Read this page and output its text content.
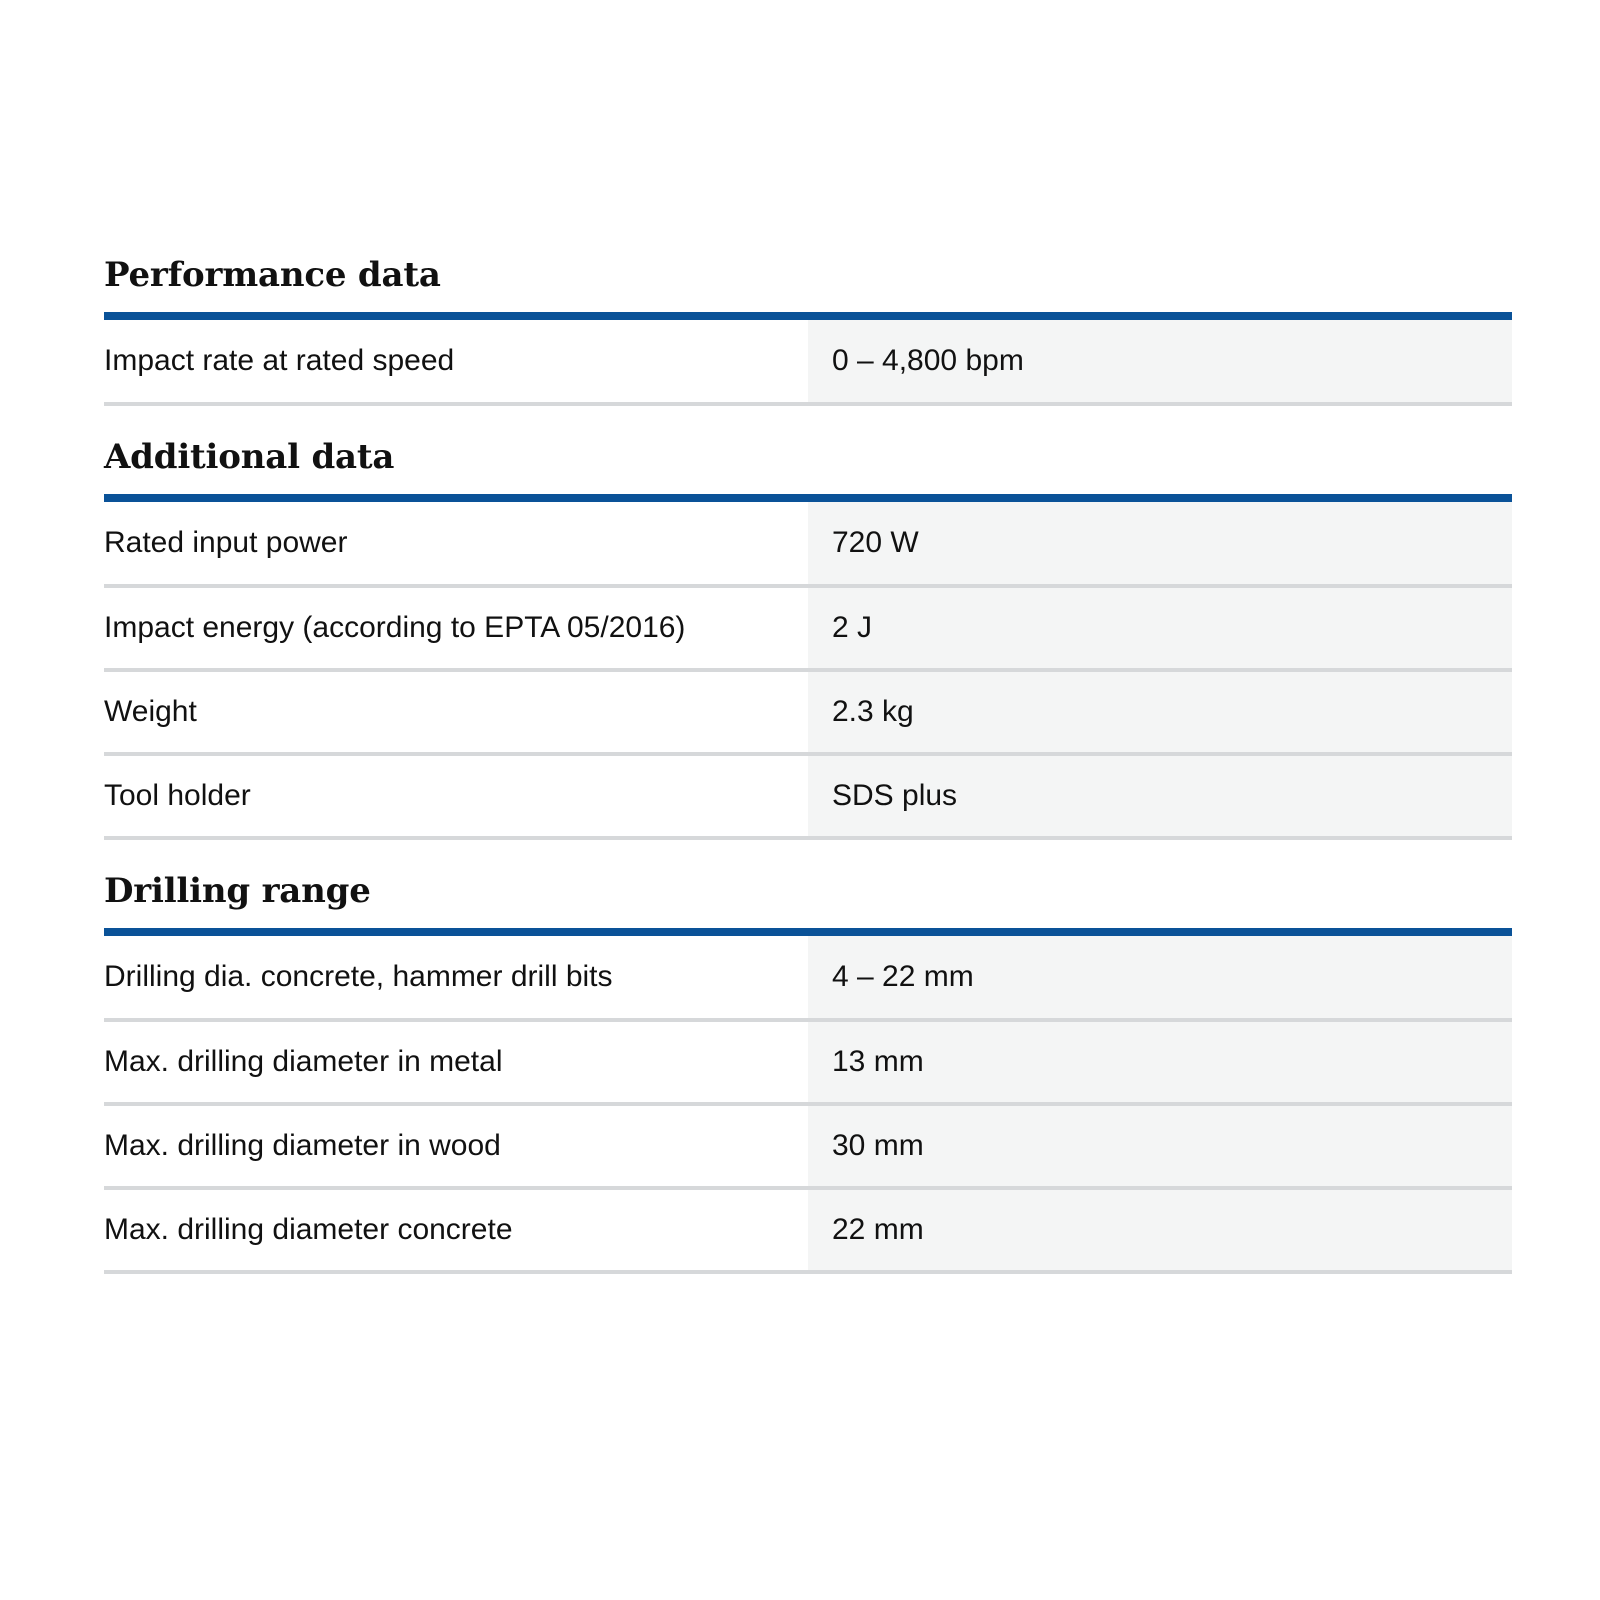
Performance data
Impact rate at rated speed	0 – 4,800 bpm
Additional data
Rated input power	720 W
Impact energy (according to EPTA 05/2016)	2 J
Weight	2.3 kg
Tool holder	SDS plus
Drilling range
Drilling dia. concrete, hammer drill bits	4 – 22 mm
Max. drilling diameter in metal	13 mm
Max. drilling diameter in wood	30 mm
Max. drilling diameter concrete	22 mm
